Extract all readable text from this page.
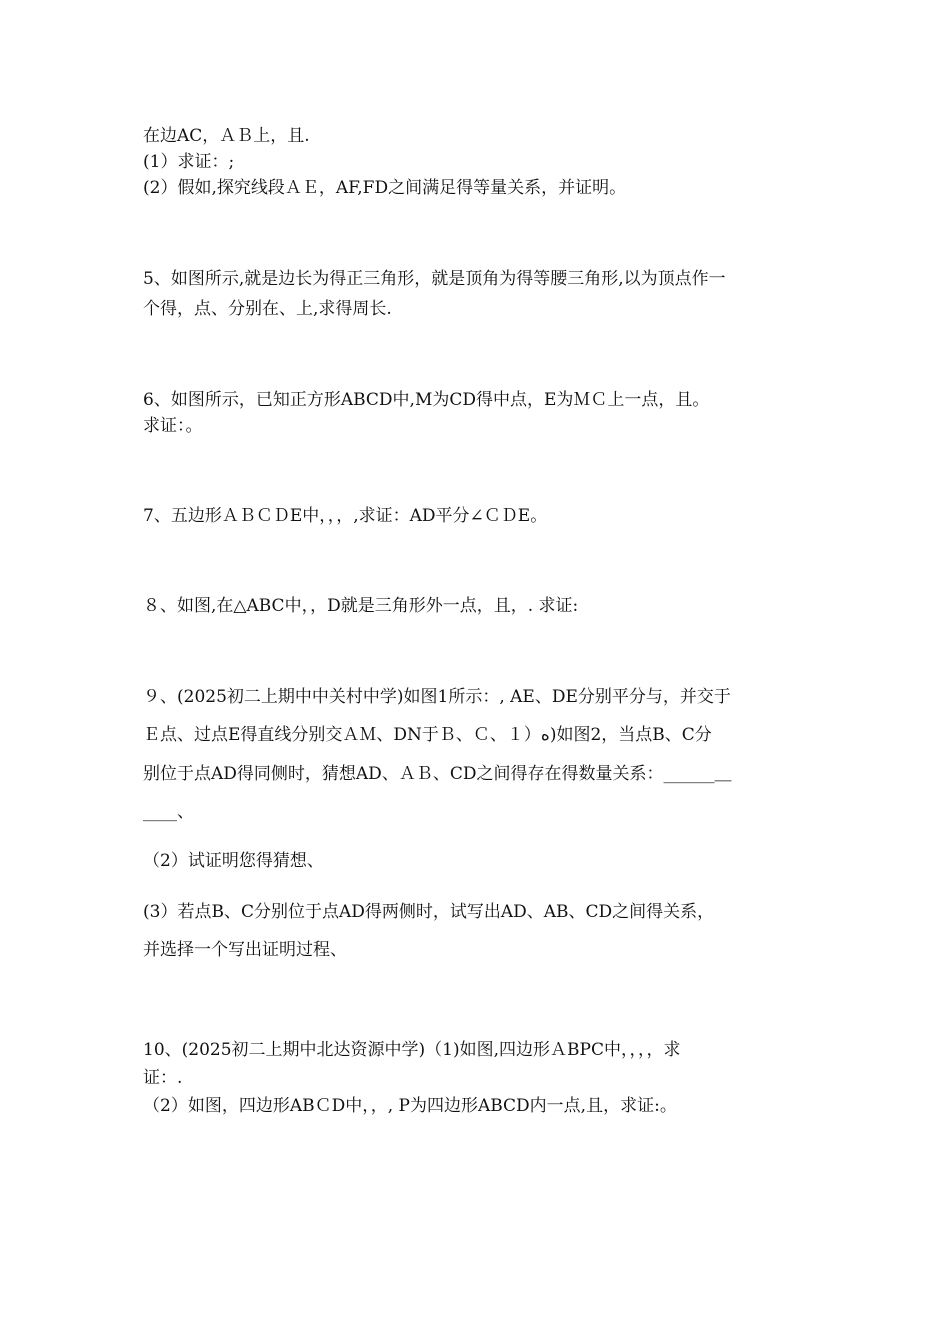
在边AC，ＡＢ上，且.
(1）求证：;
(2）假如,探究线段ＡＥ，AF,FD之间满足得等量关系，并证明。
5、如图所示,就是边长为得正三角形，就是顶角为得等腰三角形,以为顶点作一
个得，点、分别在、上,求得周长.
6、如图所示，已知正方形ABCD中,M为CD得中点，E为ＭＣ上一点，且。
求证：。
7、五边形ＡＢＣＤE中，，，,求证：AD平分∠ＣＤE。
８、如图,在△ABC中，，D就是三角形外一点，且，. 求证:
９、(2025初二上期中中关村中学)如图1所示：, AE、DE分别平分与，并交于
Ｅ点、过点E得直线分别交ＡＭ、DN于Ｂ、Ｃ、１）ﻩ)如图2，当点B、C分
别位于点AD得同侧时，猜想AD、ＡＢ、CD之间得存在得数量关系：______＿
____、
（2）试证明您得猜想、
(3）若点B、C分别位于点AD得两侧时，试写出AD、AB、CD之间得关系，
并选择一个写出证明过程、
10、(2025初二上期中北达资源中学)（1)如图,四边形ＡBPC中，，，，求
证：.
（2）如图，四边形ABＣD中，，, P为四边形ABCD内一点,且，求证:。
